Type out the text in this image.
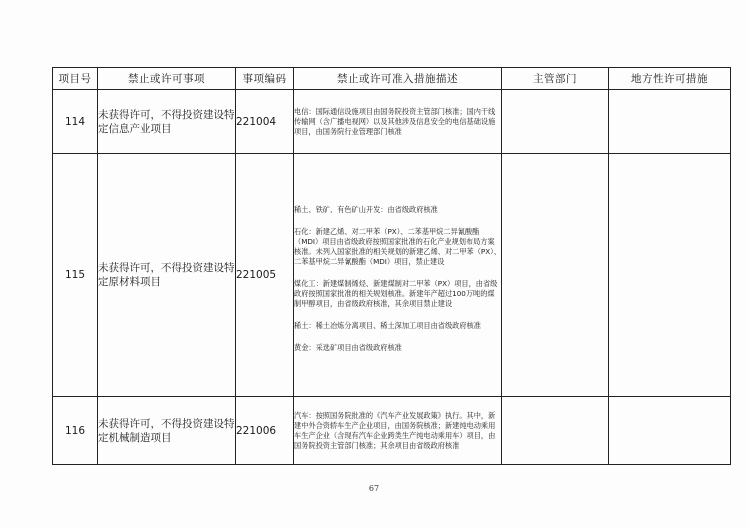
项目号	禁止或许可事项	事项编码	禁止或许可准入措施描述	主管部门	地方性许可措施
114	未获得许可，不得投资建设特定信息产业项目	221004	电信：国际通信设施项目由国务院投资主管部门核准；国内干线传输网（含广播电视网）以及其他涉及信息安全的电信基础设施项目，由国务院行业管理部门核准		

115	未获得许可，不得投资建设特定原材料项目	221005	稀土、铁矿、有色矿山开发：由省级政府核准

石化：新建乙烯、对二甲苯（PX）、二苯基甲烷二异氰酸酯（MDI）项目由省级政府按照国家批准的石化产业规划布局方案核准。未列入国家批准的相关规划的新建乙烯、对二甲苯（PX）、二苯基甲烷二异氰酸酯（MDI）项目，禁止建设

煤化工：新建煤制烯烃、新建煤制对二甲苯（PX）项目，由省级政府按照国家批准的相关规划核准。新建年产超过100万吨的煤制甲醇项目，由省级政府核准，其余项目禁止建设

稀土：稀土冶炼分离项目、稀土深加工项目由省级政府核准

黄金：采选矿项目由省级政府核准		

116	未获得许可，不得投资建设特定机械制造项目	221006	汽车：按照国务院批准的《汽车产业发展政策》执行。其中，新建中外合资轿车生产企业项目，由国务院核准；新建纯电动乘用车生产企业（含现有汽车企业跨类生产纯电动乘用车）项目，由国务院投资主管部门核准；其余项目由省级政府核准		

67
